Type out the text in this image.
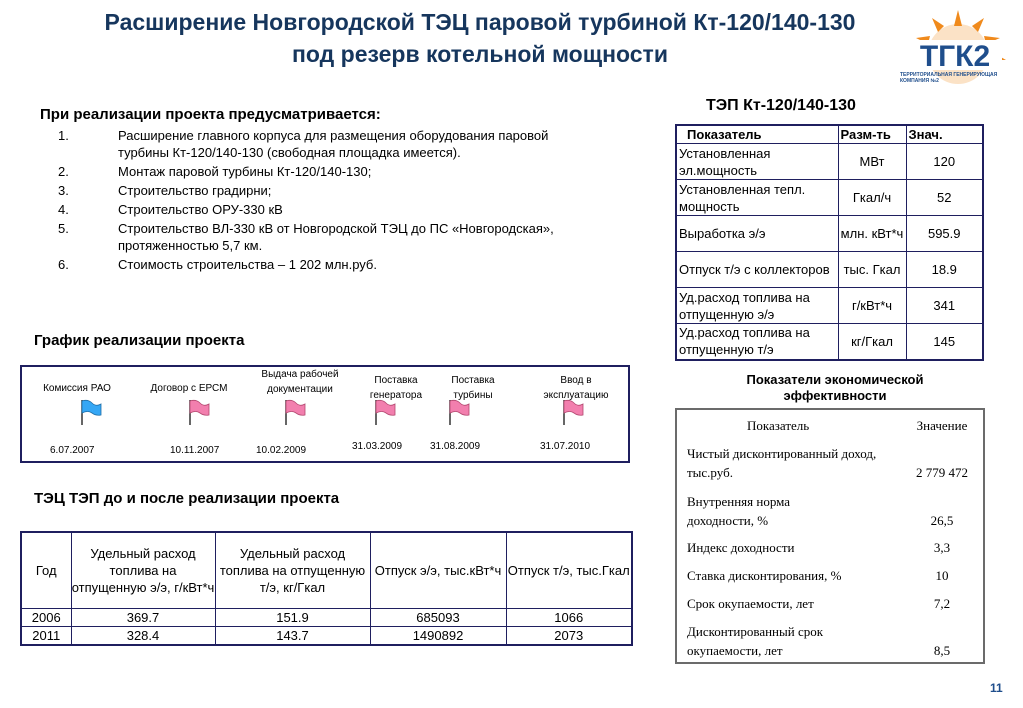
Расширение Новгородской ТЭЦ паровой турбиной Кт-120/140-130
под резерв котельной мощности	ТГК2
ТЕРРИТОРИАЛЬНАЯ ГЕНЕРИРУЮЩАЯ КОМПАНИЯ №2
При реализации проекта предусматривается:
1.	Расширение главного корпуса для размещения оборудования паровой турбины Кт-120/140-130 (свободная площадка имеется).
2.	Монтаж паровой турбины Кт-120/140-130;
3.	Строительство градирни;
4.	Строительство ОРУ-330 кВ
5.	Строительство ВЛ-330 кВ от Новгородской ТЭЦ до ПС «Новгородская», протяженностью 5,7 км.
6.	Стоимость строительства – 1 202 млн.руб.
ТЭП Кт-120/140-130
Показатель	Разм-ть	Знач.
Установленная эл.мощность	МВт	120
Установленная тепл. мощность	Гкал/ч	52
Выработка э/э	млн. кВт*ч	595.9
Отпуск т/э с коллекторов	тыс. Гкал	18.9
Уд.расход топлива на отпущенную э/э	г/кВт*ч	341
Уд.расход топлива на отпущенную т/э	кг/Гкал	145
Показатели экономической эффективности
Показатель	Значение
Чистый дисконтированный доход, тыс.руб.	2 779 472
Внутренняя норма доходности, %	26,5
Индекс доходности	3,3
Ставка дисконтирования, %	10
Срок окупаемости, лет	7,2
Дисконтированный срок окупаемости, лет	8,5
График реализации проекта
Комиссия РАО
6.07.2007
Договор с ЕРСМ
10.11.2007
Выдача рабочей документации
10.02.2009
Поставка генератора
31.03.2009
Поставка турбины
31.08.2009
Ввод в эксплуатацию
31.07.2010
ТЭЦ ТЭП до и после реализации проекта
Год	Удельный расход топлива на отпущенную э/э, г/кВт*ч	Удельный расход топлива на отпущенную т/э, кг/Гкал	Отпуск э/э, тыс.кВт*ч	Отпуск т/э, тыс.Гкал
2006	369.7	151.9	685093	1066
2011	328.4	143.7	1490892	2073
11
